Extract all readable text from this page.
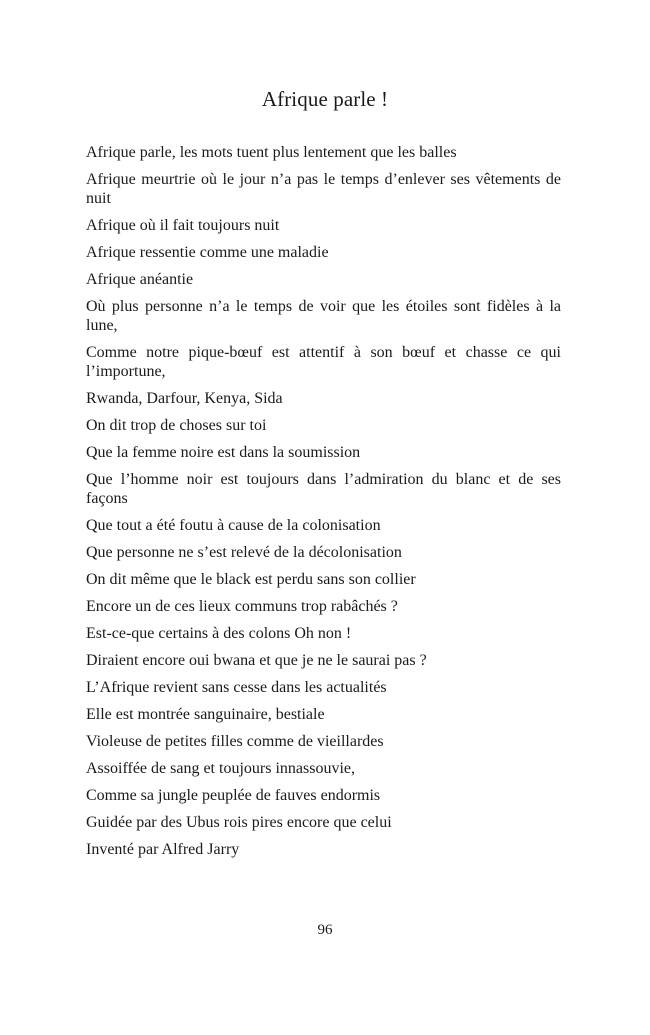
Afrique parle !
Afrique parle, les mots tuent plus lentement que les balles
Afrique meurtrie où le jour n’a pas le temps d’enlever ses vêtements de nuit
Afrique où il fait toujours nuit
Afrique ressentie comme une maladie
Afrique anéantie
Où plus personne n’a le temps de voir que les étoiles sont fidèles à la lune,
Comme notre pique-bœuf est attentif à son bœuf et chasse ce qui l’importune,
Rwanda, Darfour, Kenya, Sida
On dit trop de choses sur toi
Que la femme noire est dans la soumission
Que l’homme noir est toujours dans l’admiration du blanc et de ses façons
Que tout a été foutu à cause de la colonisation
Que personne ne s’est relevé de la décolonisation
On dit même que le black est perdu sans son collier
Encore un de ces lieux communs trop rabâchés ?
Est-ce-que certains à des colons Oh non !
Diraient encore oui bwana et que je ne le saurai pas ?
L’Afrique revient sans cesse dans les actualités
Elle est montrée sanguinaire, bestiale
Violeuse de petites filles comme de vieillardes
Assoiffée de sang et toujours innassouvie,
Comme sa jungle peuplée de fauves endormis
Guidée par des Ubus rois pires encore que celui
Inventé par Alfred Jarry
96
